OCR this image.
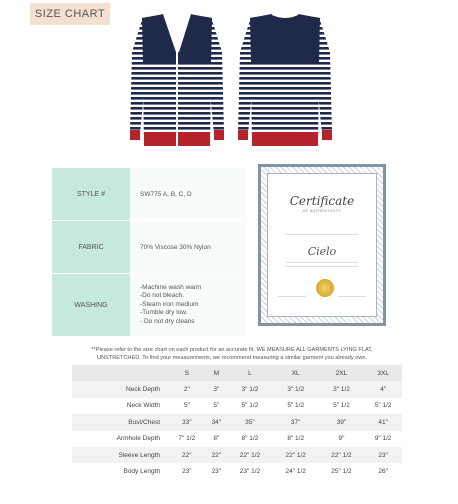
SIZE CHART
STYLE #	SW775 A, B, C, D
FABRIC	70% Viscose 30% Nylon
WASHING
-Machine wash warm
-Do not bleach.
-Steam iron medium
-Tumble dry low.
- Do not dry cleans
Certificate
OF AUTHENTICITY
Cielo
**Please refer to the size chart on each product for an accurate fit. WE MEASURE ALL GARMENTS LYING FLAT, UNSTRETCHED. To find your measurements, we recommend measuring a similar garment you already own.
	S	M	L	XL	2XL	3XL
Neck Depth	2"	3"	3" 1/2	3" 1/2	3" 1/2	4"
Neck Width	5"	5"	5" 1/2	5" 1/2	5" 1/2	5" 1/2
Bust/Chest	33"	34"	35"	37"	39"	41"
Armhole Depth	7" 1/2	8"	8" 1/2	8" 1/2	9"	9" 1/2
Sleeve Length	22"	22"	22" 1/2	22" 1/2	22" 1/2	23"
Body Length	23"	23"	23" 1/2	24" 1/2	25" 1/2	26"
